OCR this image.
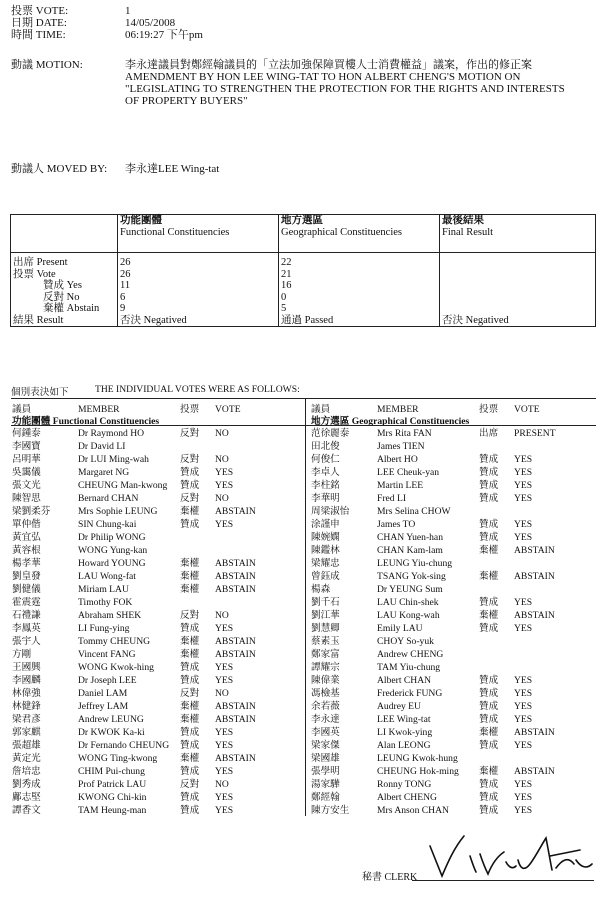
投票 VOTE:	1
日期 DATE:	14/05/2008
時間 TIME:	06:19:27 下午pm
動議 MOTION:	李永達議員對鄭經翰議員的「立法加強保障買樓人士消費權益」議案，作出的修正案
AMENDMENT BY HON LEE WING-TAT TO HON ALBERT CHENG'S MOTION ON
"LEGISLATING TO STRENGTHEN THE PROTECTION FOR THE RIGHTS AND INTERESTS
OF PROPERTY BUYERS"
動議人 MOVED BY: 李永達LEE Wing-tat
	功能團體
Functional Constituencies	地方選區
Geographical Constituencies	最後結果
Final Result

出席 Present	26	22	
投票 Vote	26	21	
贊成 Yes	11	16	
反對 No	6	0	
棄權 Abstain	9	5	
結果 Result	否決 Negatived	通過 Passed	否決 Negatived
個別表決如下	THE INDIVIDUAL VOTES WERE AS FOLLOWS:
議員	MEMBER	投票	VOTE
功能團體 Functional Constituencies
何鍾泰	Dr Raymond HO	反對	NO
李國寶	Dr David LI
呂明華	Dr LUI Ming-wah	反對	NO
吳靄儀	Margaret NG	贊成	YES
張文光	CHEUNG Man-kwong	贊成	YES
陳智思	Bernard CHAN	反對	NO
梁劉柔芬	Mrs Sophie LEUNG	棄權	ABSTAIN
單仲偕	SIN Chung-kai	贊成	YES
黃宜弘	Dr Philip WONG
黃容根	WONG Yung-kan
楊孝華	Howard YOUNG	棄權	ABSTAIN
劉皇發	LAU Wong-fat	棄權	ABSTAIN
劉健儀	Miriam LAU	棄權	ABSTAIN
霍震霆	Timothy FOK
石禮謙	Abraham SHEK	反對	NO
李鳳英	LI Fung-ying	贊成	YES
張宇人	Tommy CHEUNG	棄權	ABSTAIN
方剛	Vincent FANG	棄權	ABSTAIN
王國興	WONG Kwok-hing	贊成	YES
李國麟	Dr Joseph LEE	贊成	YES
林偉強	Daniel LAM	反對	NO
林健鋒	Jeffrey LAM	棄權	ABSTAIN
梁君彥	Andrew LEUNG	棄權	ABSTAIN
郭家麒	Dr KWOK Ka-ki	贊成	YES
張超雄	Dr Fernando CHEUNG	贊成	YES
黃定光	WONG Ting-kwong	棄權	ABSTAIN
詹培忠	CHIM Pui-chung	贊成	YES
劉秀成	Prof Patrick LAU	反對	NO
鄺志堅	KWONG Chi-kin	贊成	YES
譚香文	TAM Heung-man	贊成	YES
議員	MEMBER	投票	VOTE
地方選區 Geographical Constituencies
范徐麗泰	Mrs Rita FAN	出席	PRESENT
田北俊	James TIEN
何俊仁	Albert HO	贊成	YES
李卓人	LEE Cheuk-yan	贊成	YES
李柱銘	Martin LEE	贊成	YES
李華明	Fred LI	贊成	YES
周梁淑怡	Mrs Selina CHOW
涂謹申	James TO	贊成	YES
陳婉嫻	CHAN Yuen-han	贊成	YES
陳鑑林	CHAN Kam-lam	棄權	ABSTAIN
梁耀忠	LEUNG Yiu-chung
曾鈺成	TSANG Yok-sing	棄權	ABSTAIN
楊森	Dr YEUNG Sum
劉千石	LAU Chin-shek	贊成	YES
劉江華	LAU Kong-wah	棄權	ABSTAIN
劉慧卿	Emily LAU	贊成	YES
蔡素玉	CHOY So-yuk
鄭家富	Andrew CHENG
譚耀宗	TAM Yiu-chung
陳偉業	Albert CHAN	贊成	YES
馮檢基	Frederick FUNG	贊成	YES
余若薇	Audrey EU	贊成	YES
李永達	LEE Wing-tat	贊成	YES
李國英	LI Kwok-ying	棄權	ABSTAIN
梁家傑	Alan LEONG	贊成	YES
梁國雄	LEUNG Kwok-hung
張學明	CHEUNG Hok-ming	棄權	ABSTAIN
湯家驊	Ronny TONG	贊成	YES
鄭經翰	Albert CHENG	贊成	YES
陳方安生	Mrs Anson CHAN	贊成	YES
秘書 CLERK
